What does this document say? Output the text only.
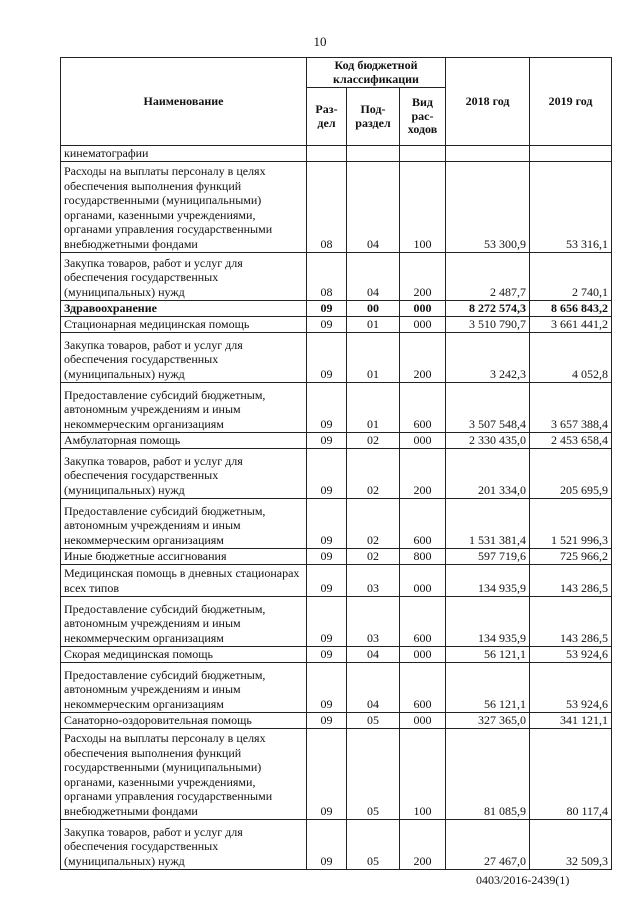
10
Наименование	Код бюджетной классификации			2018 год	2019 год
	Раз-дел	Под-раздел	Вид рас-ходов		
кинематографии					
Расходы на выплаты персоналу в целях обеспечения выполнения функций государственными (муниципальными) органами, казенными учреждениями, органами управления государственными внебюджетными фондами	08	04	100	53 300,9	53 316,1
Закупка товаров, работ и услуг для обеспечения государственных (муниципальных) нужд	08	04	200	2 487,7	2 740,1
Здравоохранение	09	00	000	8 272 574,3	8 656 843,2
Стационарная медицинская помощь	09	01	000	3 510 790,7	3 661 441,2
Закупка товаров, работ и услуг для обеспечения государственных (муниципальных) нужд	09	01	200	3 242,3	4 052,8
Предоставление субсидий бюджетным, автономным учреждениям и иным некоммерческим организациям	09	01	600	3 507 548,4	3 657 388,4
Амбулаторная помощь	09	02	000	2 330 435,0	2 453 658,4
Закупка товаров, работ и услуг для обеспечения государственных (муниципальных) нужд	09	02	200	201 334,0	205 695,9
Предоставление субсидий бюджетным, автономным учреждениям и иным некоммерческим организациям	09	02	600	1 531 381,4	1 521 996,3
Иные бюджетные ассигнования	09	02	800	597 719,6	725 966,2
Медицинская помощь в дневных стационарах всех типов	09	03	000	134 935,9	143 286,5
Предоставление субсидий бюджетным, автономным учреждениям и иным некоммерческим организациям	09	03	600	134 935,9	143 286,5
Скорая медицинская помощь	09	04	000	56 121,1	53 924,6
Предоставление субсидий бюджетным, автономным учреждениям и иным некоммерческим организациям	09	04	600	56 121,1	53 924,6
Санаторно-оздоровительная помощь	09	05	000	327 365,0	341 121,1
Расходы на выплаты персоналу в целях обеспечения выполнения функций государственными (муниципальными) органами, казенными учреждениями, органами управления государственными внебюджетными фондами	09	05	100	81 085,9	80 117,4
Закупка товаров, работ и услуг для обеспечения государственных (муниципальных) нужд	09	05	200	27 467,0	32 509,3
0403/2016-2439(1)
